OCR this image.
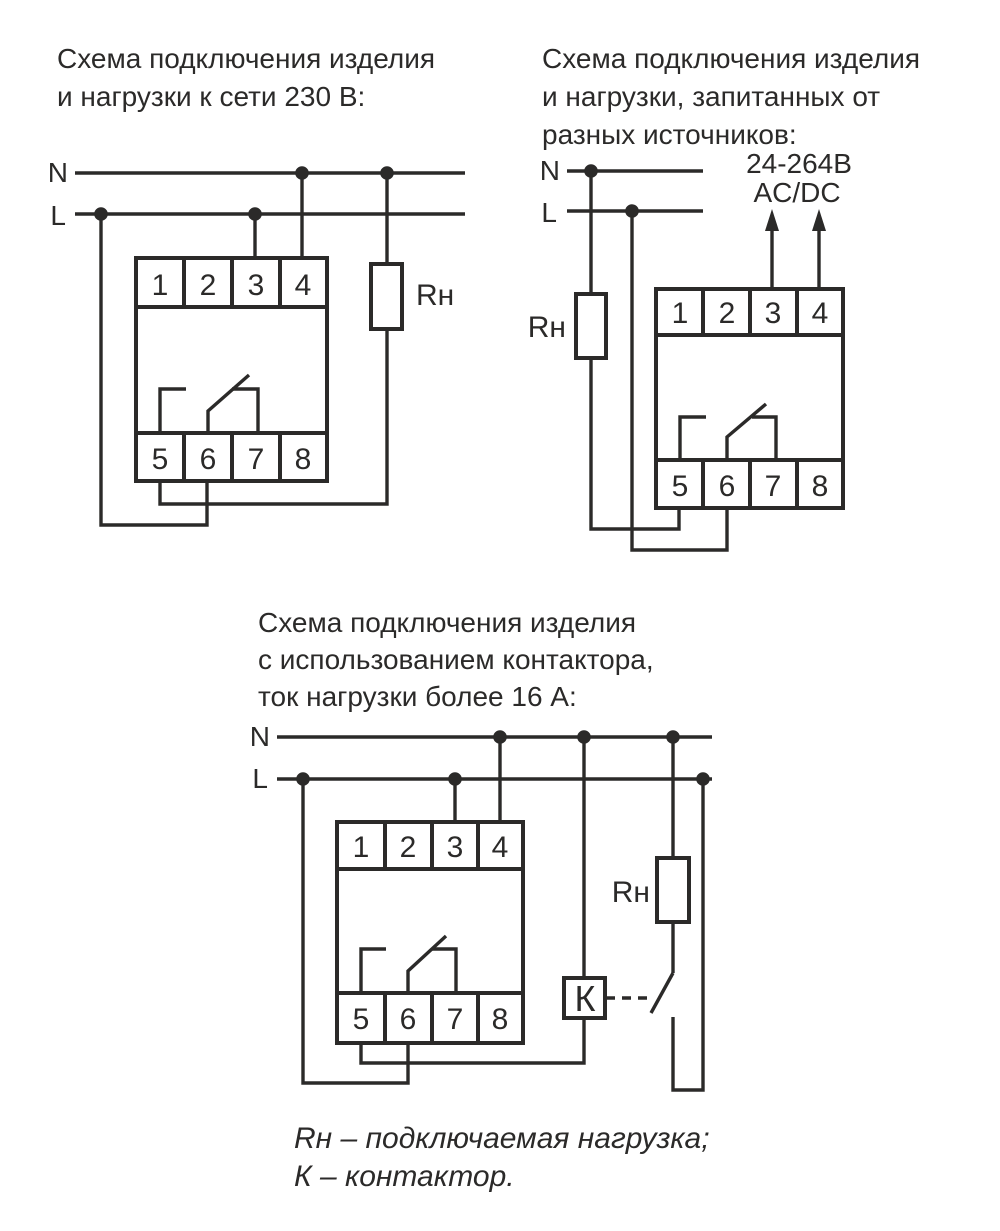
N
L
Rн
1 2 3 4
5 6 7 8
N
L
24-264В
AC/DC
Rн	1 2 3 4
5 6 7 8
N
L
Rн
К
1 2 3 4
5 6 7 8
Схема подключения изделия
и нагрузки к сети 230 В:
Схема подключения изделия
и нагрузки, запитанных от
разных источников:
Схема подключения изделия
с использованием контактора,
ток нагрузки более 16 А:
Rн – подключаемая нагрузка;
К – контактор.
